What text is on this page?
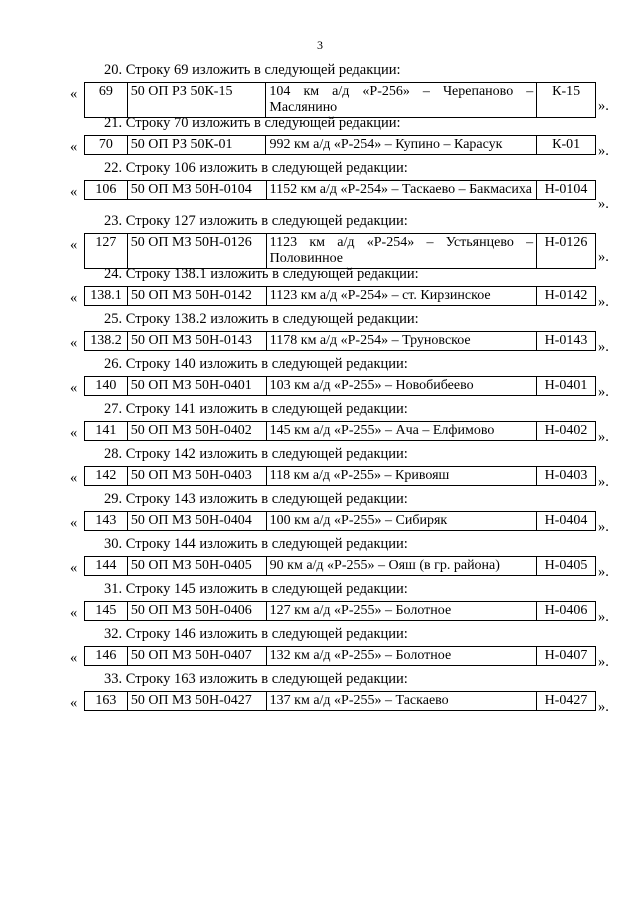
3
20. Строку 69 изложить в следующей редакции:
« 69	50 ОП РЗ 50К-15	104 км а/д «Р-256» – Черепаново – Маслянино	К-15
».
21. Строку 70 изложить в следующей редакции:
« 70	50 ОП РЗ 50К-01	992 км а/д «Р-254» – Купино – Карасук	К-01 ».
22. Строку 106 изложить в следующей редакции:
« 106	50 ОП МЗ 50Н-0104	1152 км а/д «Р-254» – Таскаево – Бакмасиха	Н-0104
».
23. Строку 127 изложить в следующей редакции:
« 127	50 ОП МЗ 50Н-0126	1123 км а/д «Р-254» – Устьянцево – Половинное	Н-0126
».
24. Строку 138.1 изложить в следующей редакции:
« 138.1	50 ОП МЗ 50Н-0142	1123 км а/д «Р-254» – ст. Кирзинское	Н-0142 ».
25. Строку 138.2 изложить в следующей редакции:
« 138.2	50 ОП МЗ 50Н-0143	1178 км а/д «Р-254» – Труновское	Н-0143 ».
26. Строку 140 изложить в следующей редакции:
« 140	50 ОП МЗ 50Н-0401	103 км а/д «Р-255» – Новобибеево	Н-0401 ».
27. Строку 141 изложить в следующей редакции:
« 141	50 ОП МЗ 50Н-0402	145 км а/д «Р-255» – Ача – Елфимово	Н-0402 ».
28. Строку 142 изложить в следующей редакции:
« 142	50 ОП МЗ 50Н-0403	118 км а/д «Р-255» – Кривояш	Н-0403 ».
29. Строку 143 изложить в следующей редакции:
« 143	50 ОП МЗ 50Н-0404	100 км а/д «Р-255» – Сибиряк	Н-0404 ».
30. Строку 144 изложить в следующей редакции:
« 144	50 ОП МЗ 50Н-0405	90 км а/д «Р-255» – Ояш (в гр. района)	Н-0405 ».
31. Строку 145 изложить в следующей редакции:
« 145	50 ОП МЗ 50Н-0406	127 км а/д «Р-255» – Болотное	Н-0406 ».
32. Строку 146 изложить в следующей редакции:
« 146	50 ОП МЗ 50Н-0407	132 км а/д «Р-255» – Болотное	Н-0407 ».
33. Строку 163 изложить в следующей редакции:
« 163	50 ОП МЗ 50Н-0427	137 км а/д «Р-255» – Таскаево	Н-0427 ».
